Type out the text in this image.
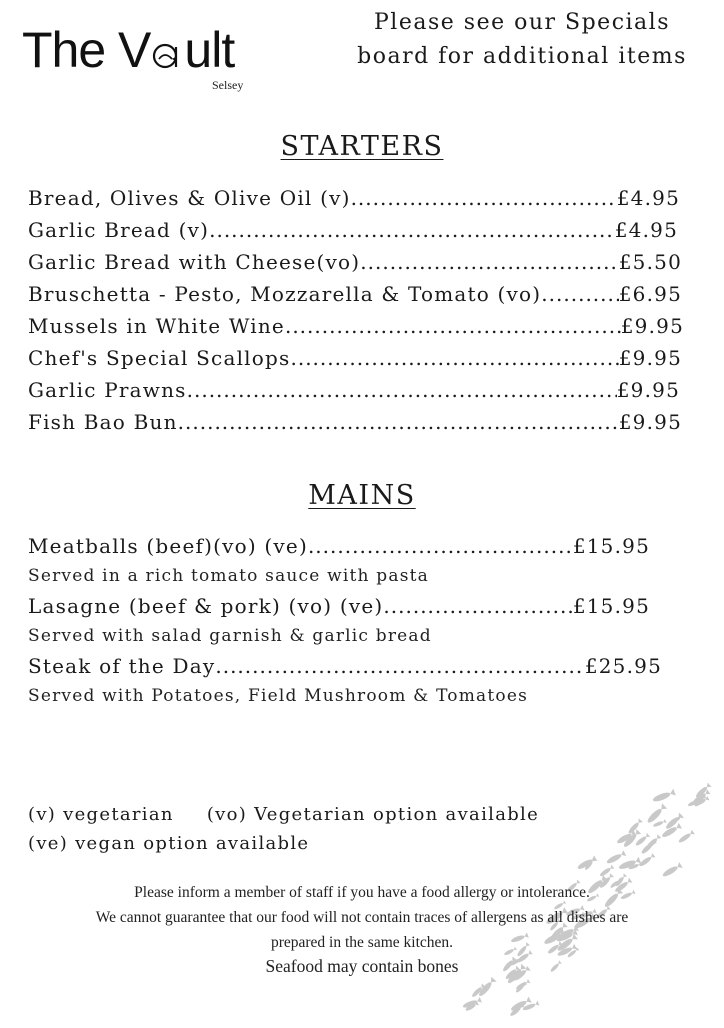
The V ult
Selsey
Please see our Specials
board for additional items
STARTERS
Bread, Olives & Olive Oil (v) .....	£4.95
Garlic Bread (v) .....	£4.95
Garlic Bread with Cheese(vo) .....	£5.50
Bruschetta - Pesto, Mozzarella & Tomato (vo) .....	£6.95
Mussels in White Wine .....	£9.95
Chef's Special Scallops .....	£9.95
Garlic Prawns .....	£9.95
Fish Bao Bun .....	£9.95
MAINS
Meatballs (beef)(vo) (ve) .....	£15.95
Served in a rich tomato sauce with pasta
Lasagne (beef & pork) (vo) (ve) .....	£15.95
Served with salad garnish & garlic bread
Steak of the Day .....	£25.95
Served with Potatoes, Field Mushroom & Tomatoes
(v) vegetarian (vo) Vegetarian option available
(ve) vegan option available
Please inform a member of staff if you have a food allergy or intolerance.
We cannot guarantee that our food will not contain traces of allergens as all dishes are
prepared in the same kitchen.
Seafood may contain bones
